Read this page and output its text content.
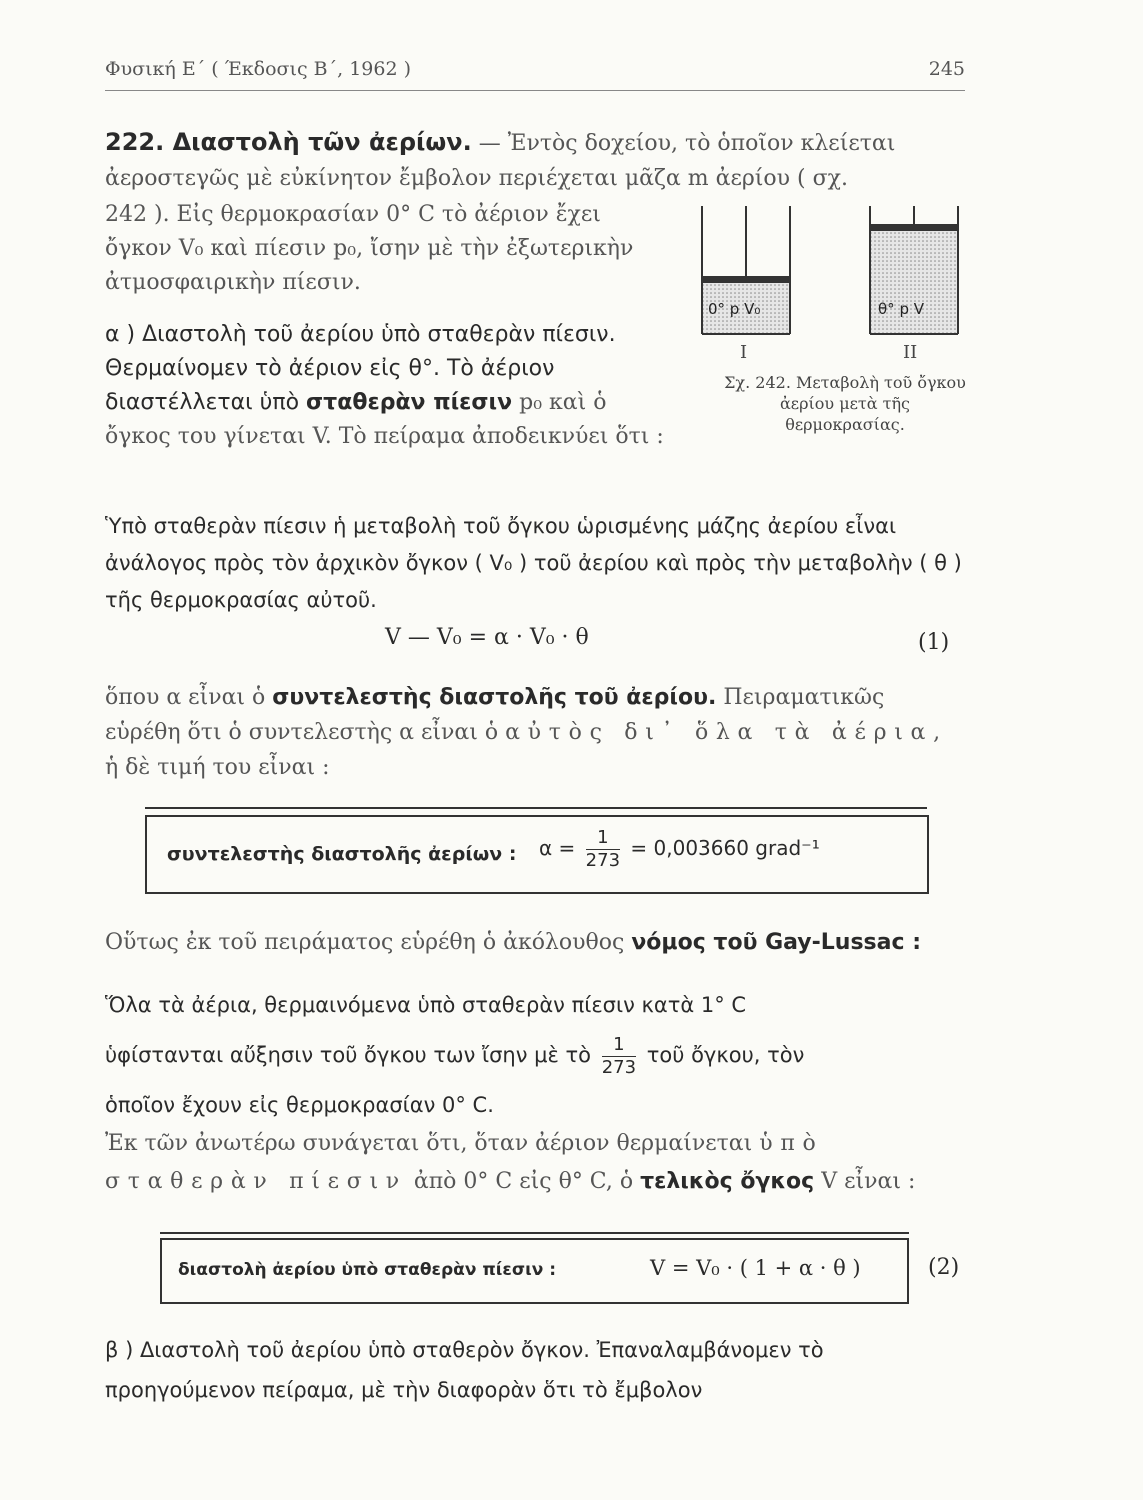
Φυσική Ε΄ ( Έκδοσις Β΄, 1962 )	245
222. Διαστολὴ τῶν ἀερίων. — Ἐντὸς δοχείου, τὸ ὁποῖον κλείεται ἀεροστεγῶς μὲ εὐκίνητον ἔμβολον περιέχεται μᾶζα m ἀερίου ( σχ.
242 ). Εἰς θερμοκρασίαν 0° C τὸ ἀέριον ἔχει ὄγκον V₀ καὶ πίεσιν p₀, ἴσην μὲ τὴν ἐξωτερικὴν ἀτμοσφαιρικὴν πίεσιν.
α ) Διαστολὴ τοῦ ἀερίου ὑπὸ σταθερὰν πίεσιν. Θερμαίνομεν τὸ ἀέριον εἰς θ°. Τὸ ἀέριον διαστέλλεται ὑπὸ σταθερὰν πίεσιν p₀ καὶ ὁ ὄγκος του γίνεται V. Τὸ πείραμα ἀποδεικνύει ὅτι :
0° p V₀	θ° p V
I	II
Σχ. 242. Μεταβολὴ τοῦ ὄγκου ἀερίου μετὰ τῆς θερμοκρασίας.
Ὑπὸ σταθερὰν πίεσιν ἡ μεταβολὴ τοῦ ὄγκου ὡρισμένης μάζης ἀερίου εἶναι ἀνάλογος πρὸς τὸν ἀρχικὸν ὄγκον ( V₀ ) τοῦ ἀερίου καὶ πρὸς τὴν μεταβολὴν ( θ ) τῆς θερμοκρασίας αὐτοῦ.
V — V₀ = α · V₀ · θ	(1)
ὅπου α εἶναι ὁ συντελεστὴς διαστολῆς τοῦ ἀερίου. Πειραματικῶς εὑρέθη ὅτι ὁ συντελεστὴς α εἶναι ὁ αὐτὸς δι᾽ ὅλα τὰ ἀέρια, ἡ δὲ τιμή του εἶναι :
συντελεστὴς διαστολῆς ἀερίων : $\alpha = \frac{1}{273} = 0,003660$ grad⁻¹
Οὕτως ἐκ τοῦ πειράματος εὑρέθη ὁ ἀκόλουθος νόμος τοῦ Gay-Lussac :
Ὅλα τὰ ἀέρια, θερμαινόμενα ὑπὸ σταθερὰν πίεσιν κατὰ 1° C
ὑφίστανται αὔξησιν τοῦ ὄγκου των ἴσην μὲ τὸ $\frac{1}{273}$ τοῦ ὄγκου, τὸν
ὁποῖον ἔχουν εἰς θερμοκρασίαν 0° C.
Ἐκ τῶν ἀνωτέρω συνάγεται ὅτι, ὅταν ἀέριον θερμαίνεται ὑπὸ σταθερὰν πίεσιν ἀπὸ 0° C εἰς θ° C, ὁ τελικὸς ὄγκος V εἶναι :
διαστολὴ ἀερίου ὑπὸ σταθερὰν πίεσιν :	V = V₀ · ( 1 + α · θ )	(2)
β ) Διαστολὴ τοῦ ἀερίου ὑπὸ σταθερὸν ὄγκον. Ἐπαναλαμβάνομεν τὸ προηγούμενον πείραμα, μὲ τὴν διαφορὰν ὅτι τὸ ἔμβολον
